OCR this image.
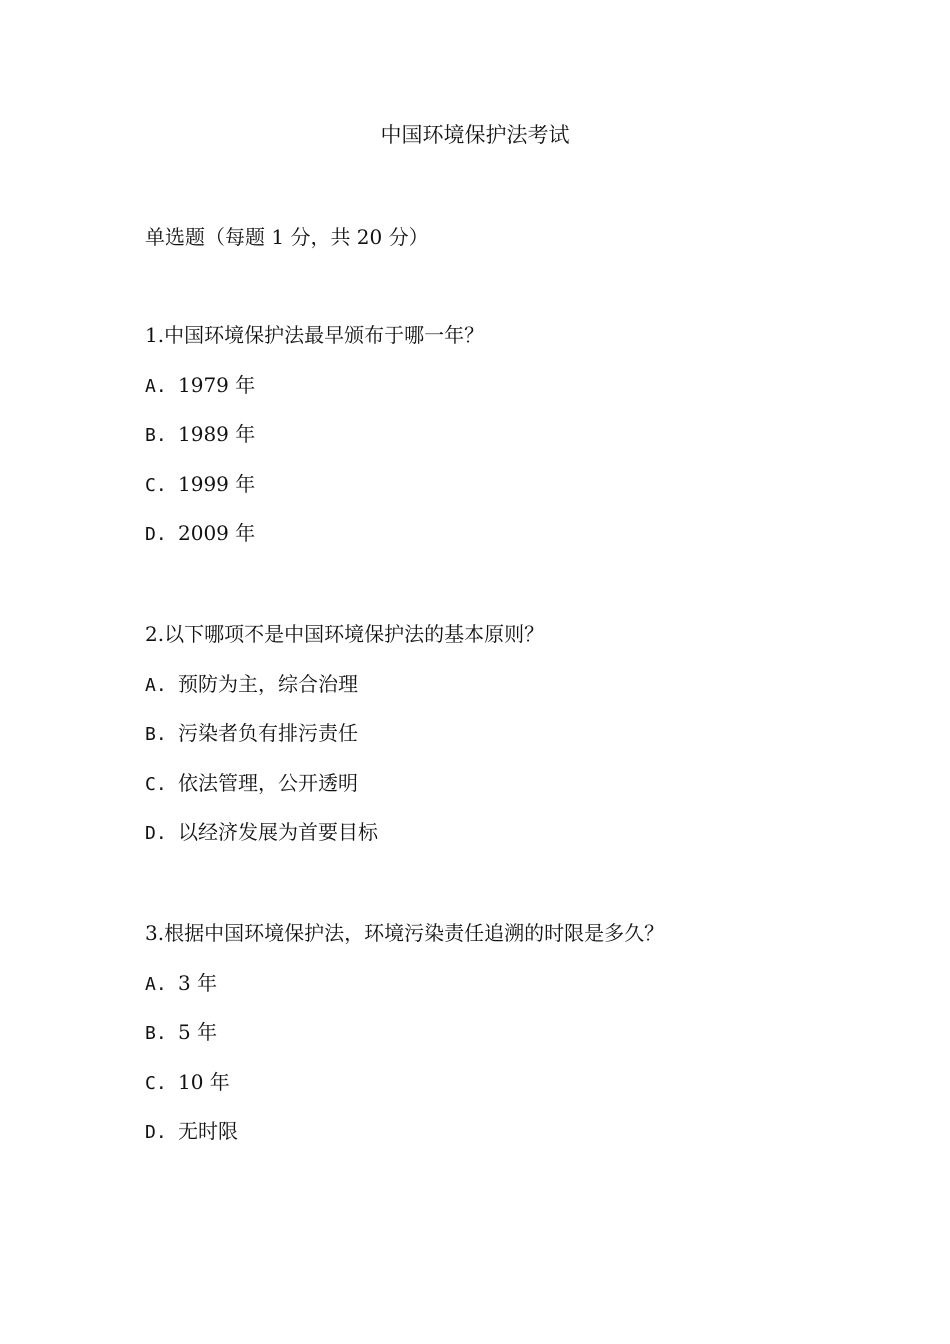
中国环境保护法考试
单选题（每题 1 分，共 20 分）
1.中国环境保护法最早颁布于哪一年？
A. 1979 年
B. 1989 年
C. 1999 年
D. 2009 年
2.以下哪项不是中国环境保护法的基本原则？
A. 预防为主，综合治理
B. 污染者负有排污责任
C. 依法管理，公开透明
D. 以经济发展为首要目标
3.根据中国环境保护法，环境污染责任追溯的时限是多久？
A. 3 年
B. 5 年
C. 10 年
D. 无时限
